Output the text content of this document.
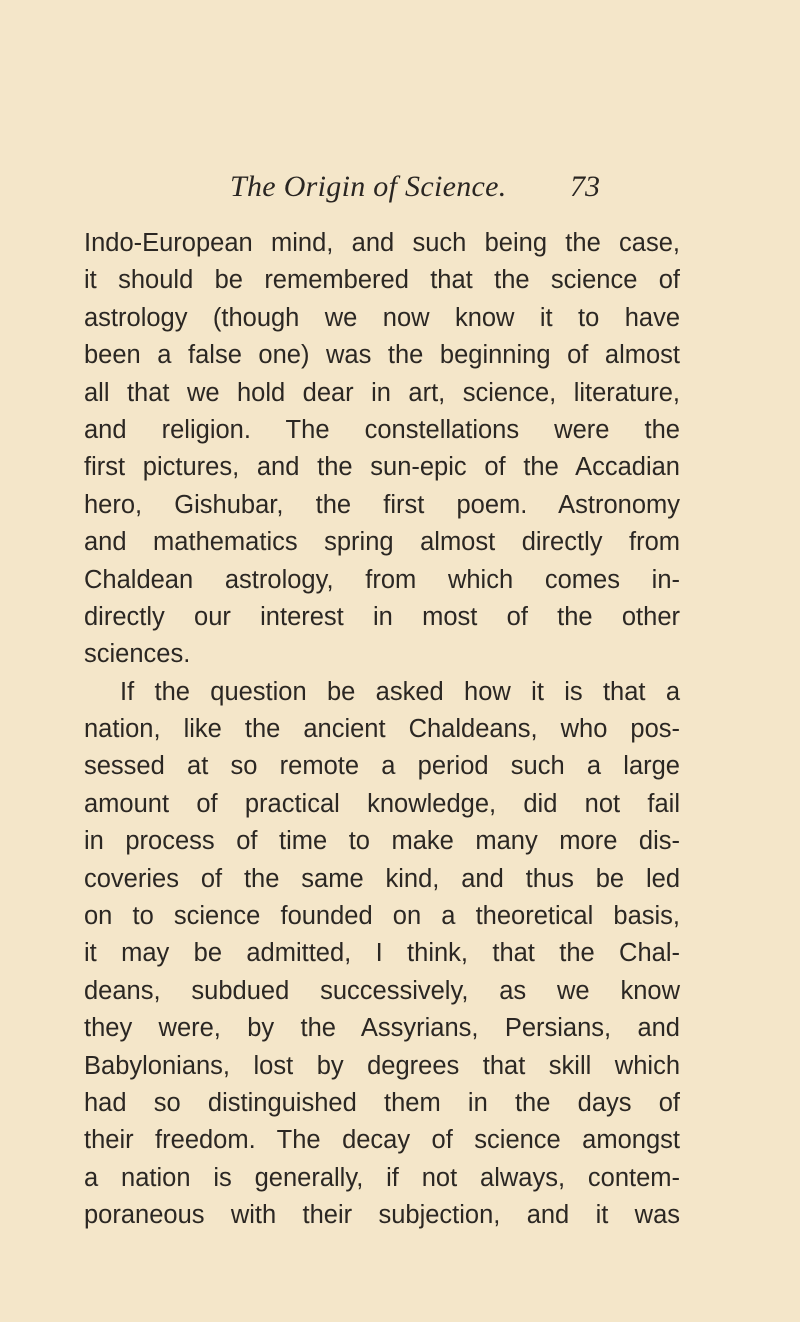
The Origin of Science. 73
Indo-European mind, and such being the case,
it should be remembered that the science of
astrology (though we now know it to have
been a false one) was the beginning of almost
all that we hold dear in art, science, literature,
and religion. The constellations were the
first pictures, and the sun-epic of the Accadian
hero, Gishubar, the first poem. Astronomy
and mathematics spring almost directly from
Chaldean astrology, from which comes in-
directly our interest in most of the other
sciences.
If the question be asked how it is that a
nation, like the ancient Chaldeans, who pos-
sessed at so remote a period such a large
amount of practical knowledge, did not fail
in process of time to make many more dis-
coveries of the same kind, and thus be led
on to science founded on a theoretical basis,
it may be admitted, I think, that the Chal-
deans, subdued successively, as we know
they were, by the Assyrians, Persians, and
Babylonians, lost by degrees that skill which
had so distinguished them in the days of
their freedom. The decay of science amongst
a nation is generally, if not always, contem-
poraneous with their subjection, and it was
